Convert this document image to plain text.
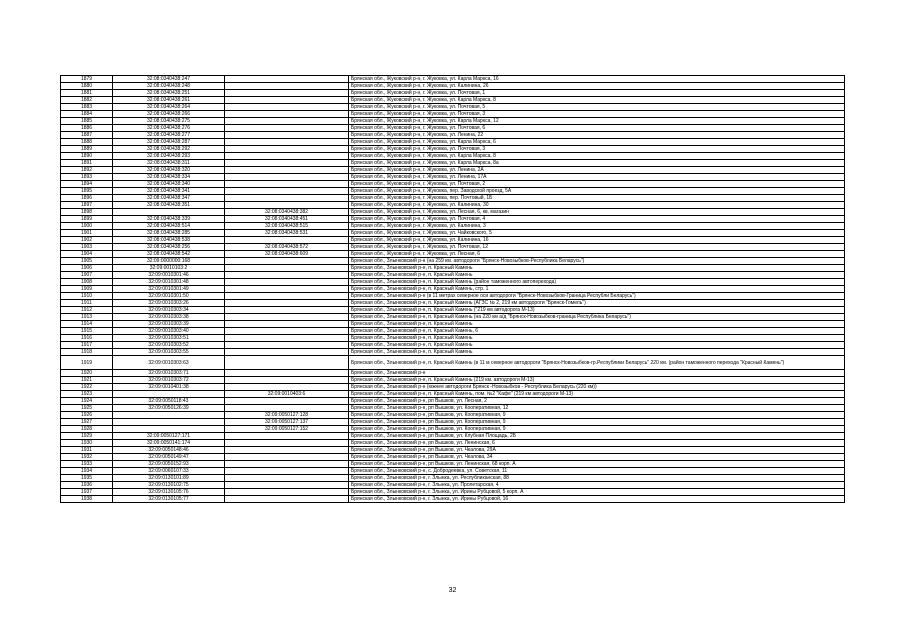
1879	32:08:0340438:247		Брянская обл., Жуковский р-н, г. Жуковка, ул. Карла Маркса, 16
1880	32:08:0340438:248		Брянская обл., Жуковский р-н, г. Жуковка, ул. Калинина, 26
1881	32:08:0340438:251		Брянская обл., Жуковский р-н, г. Жуковка, ул. Почтовая, 1
1882	32:08:0340438:261		Брянская обл., Жуковский р-н, г. Жуковка, ул. Карла Маркса, 8
1883	32:08:0340438:264		Брянская обл., Жуковский р-н, г. Жуковка, ул. Почтовая, 5
1884	32:08:0340438:266		Брянская обл., Жуковский р-н, г. Жуковка, ул. Почтовая, 3
1885	32:08:0340438:275		Брянская обл., Жуковский р-н, г. Жуковка, ул. Карла Маркса, 12
1886	32:08:0340438:276		Брянская обл., Жуковский р-н, г. Жуковка, ул. Почтовая, 6
1887	32:08:0340438:277		Брянская обл., Жуковский р-н, г. Жуковка, ул. Ленина, 22
1888	32:08:0340438:287		Брянская обл., Жуковский р-н, г. Жуковка, ул. Карла Маркса, 6
1889	32:08:0340438:292		Брянская обл., Жуковский р-н, г. Жуковка, ул. Почтовая, 3
1890	32:08:0340438:293		Брянская обл., Жуковский р-н, г. Жуковка, ул. Карла Маркса, 8
1891	32:08:0340438:311		Брянская обл., Жуковский р-н, г. Жуковка, ул. Карла Маркса, 8а
1892	32:08:0340438:320		Брянская обл., Жуковский р-н, г. Жуковка, ул. Ленина, 2А
1893	32:08:0340438:334		Брянская обл., Жуковский р-н, г. Жуковка, ул. Ленина, 17А
1894	32:08:0340438:340		Брянская обл., Жуковский р-н, г. Жуковка, ул. Почтовая, 2
1895	32:08:0340438:341		Брянская обл., Жуковский р-н, г. Жуковка, пер. Заводской проезд, 5А
1896	32:08:0340438:347		Брянская обл., Жуковский р-н, г. Жуковка, пер. Почтовый, 1Б
1897	32:08:0340438:351		Брянская обл., Жуковский р-н, г. Жуковка, ул. Калинина, 30
1898		32:08:0340438:382	Брянская обл., Жуковский р-н, г. Жуковка, ул. Лесная, 6, кв. магазин
1899	32:08:0340438:339	32:08:0340438:451	Брянская обл., Жуковский р-н, г. Жуковка, ул. Почтовая, 4
1900	32:08:0340438:514	32:08:0340438:515	Брянская обл., Жуковский р-н, г. Жуковка, ул. Калинина, 3
1901	32:08:0340438:285	32:08:0340438:531	Брянская обл., Жуковский р-н, г. Жуковка, ул. Чайковского, 5
1902	32:08:0340438:538		Брянская обл., Жуковский р-н, г. Жуковка, ул. Калинина, 16
1903	32:08:0340438:256	32:08:0340438:572	Брянская обл., Жуковский р-н, г. Жуковка, ул. Почтовая, 12
1904	32:08:0340438:542	32:08:0340438:609	Брянская обл., Жуковский р-н, г. Жуковка, ул. Лесная, 6
1905	32:09:0000000:168		Брянская обл., Злынковский р-н (на 259 км. автодороги "Брянск-Новозыбков-Республика Беларусь")
1906	32:09:0010103:2		Брянская обл., Злынковский р-н, п. Красный Камень
1907	32:09:0010301:46		Брянская обл., Злынковский р-н, п. Красный Камень
1908	32:09:0010301:48		Брянская обл., Злынковский р-н, п. Красный Камень (район таможенного автоперехода)
1909	32:09:0010301:49		Брянская обл., Злынковский р-н, п. Красный Камень, стр. 1
1910	32:09:0010301:50		Брянская обл., Злынковский р-н (в 11 метрах северное оси автодороги "Брянск-Новозыбков-Граница Республи Беларусь")
1911	32:09:0010303:26		Брянская обл., Злынковский р-н, п. Красный Камень (АГЗС № 2, 219 км автодороги "Брянск-Гомель")
1912	32:09:0010303:34		Брянская обл., Злынковский р-н, п. Красный Камень ("219 км автодорога М-13)
1913	32:09:0010303:38		Брянская обл., Злынковский р-н, п. Красный Камень (на 220 км а/д "Брянск-Новозыбков-граница Республика Беларусь")
1914	32:09:0010303:39		Брянская обл., Злынковский р-н, п. Красный Камень
1915	32:09:0010303:40		Брянская обл., Злынковский р-н, п. Красный Камень, 6
1916	32:09:0010303:51		Брянская обл., Злынковский р-н, п. Красный Камень
1917	32:09:0010303:52		Брянская обл., Злынковский р-н, п. Красный Камень
1918	32:09:0010303:55		Брянская обл., Злынковский р-н, п. Красный Камень
1919	32:09:0010303:63		Брянская обл., Злынковский р-н, п. Красный Камень (в 11 м северное автодороги "Брянск-Новозыбков-гр.Республики Беларусь" 220 км. (район таможенного перехода "Красный Камень")
1920	32:09:0010303:71		Брянская обл., Злынковский р-н
1921	32:09:0010303:72		Брянская обл., Злынковский р-н, п. Красный Камень (219 км. автодороги М-13)
1922	32:09:0010401:38		Брянская обл., Злынковский р-н (южнее автодороги Брянск -Новозыбков - Республика Беларусь (220 км))
1923		32:09:0010403:6	Брянская обл., Злынковский р-н, п. Красный Камень, пом. №2 "Кафе" (219 км автодороги М-13)
1924	32:09:0050118:43		Брянская обл., Злынковский р-н, рп Вышков, ул. Лесная, 2
1925	32:09:0050126:39		Брянская обл., Злынковский р-н, рп Вышков, ул. Кооперативная, 12
1926		32:09:0050127:128	Брянская обл., Злынковский р-н, рп Вышков, ул. Кооперативная, 9
1927		32:09:0050127:137	Брянская обл., Злынковский р-н, рп Вышков, ул. Кооперативная, 9
1928		32:09:0050127:152	Брянская обл., Злынковский р-н, рп Вышков, ул. Кооперативная, 9
1929	32:09:0050127:171		Брянская обл., Злынковский р-н, рп Вышков, ул. Клубная Площадь, 2Б
1930	32:09:0050141:174		Брянская обл., Злынковский р-н, рп Вышков, ул. Ленинская, 6
1931	32:09:0050148:46		Брянская обл., Злынковский р-н, рп Вышков, ул. Чкалова, 29А
1932	32:09:0050149:47		Брянская обл., Злынковский р-н, рп Вышков, ул. Чкалова, 34
1933	32:09:0050152:93		Брянская обл., Злынковский р-н, рп Вышков, ул. Ленинская, 68 корп. А
1934	32:09:0060107:33		Брянская обл., Злынковский р-н, с. Добродеевка, ул. Советская, 11
1935	32:09:0130101:89		Брянская обл., Злынковский р-н, г. Злынка, ул. Республиканская, 88
1936	32:09:0130102:75		Брянская обл., Злынковский р-н, г. Злынка, ул. Пролетарская, 4
1937	32:09:0130105:76		Брянская обл., Злынковский р-н, г. Злынка, ул. Ирины Рубцовой, 5 корп. А
1938	32:09:0130105:77		Брянская обл., Злынковский р-н, г. Злынка, ул. Ирины Рубцовой, 16
32
